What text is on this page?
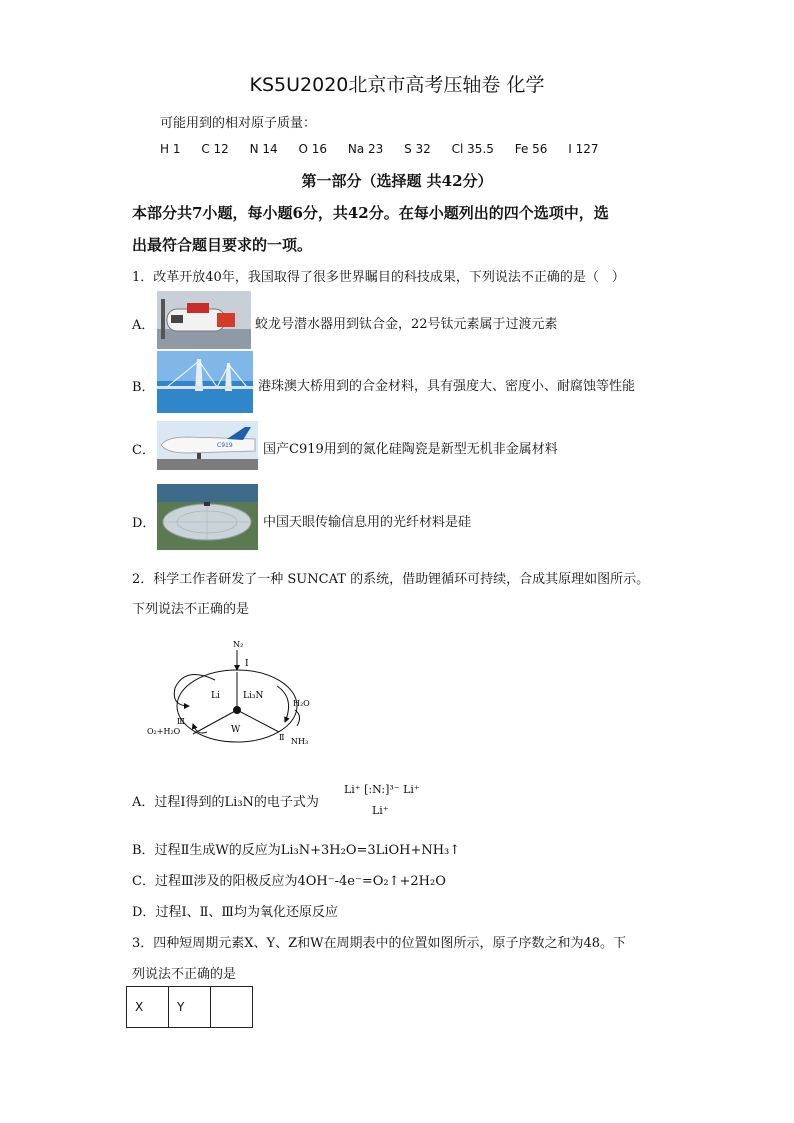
KS5U2020北京市高考压轴卷 化学
可能用到的相对原子质量：
H 1 C 12 N 14 O 16 Na 23 S 32 Cl 35.5 Fe 56 I 127
第一部分（选择题 共42分）
本部分共7小题，每小题6分，共42分。在每小题列出的四个选项中，选
出最符合题目要求的一项。
1．改革开放40年，我国取得了很多世界瞩目的科技成果，下列说法不正确的是（　）
A．	蛟龙号潜水器用到钛合金，22号钛元素属于过渡元素
B．	港珠澳大桥用到的合金材料，具有强度大、密度小、耐腐蚀等性能
C．	C919 国产C919用到的氮化硅陶瓷是新型无机非金属材料
D．	中国天眼传输信息用的光纤材料是硅
2．科学工作者研发了一种 SUNCAT 的系统，借助锂循环可持续，合成其原理如图所示。
下列说法不正确的是
N₂
I
Li	Li₃N
H₂O
Ⅲ
O₂+H₂O	W
Ⅱ NH₃
A．过程Ⅰ得到的Li₃N的电子式为
Li⁺ [:N:]³⁻ Li⁺
Li⁺
B．过程Ⅱ生成W的反应为Li₃N+3H₂O=3LiOH+NH₃↑
C．过程Ⅲ涉及的阳极反应为4OH⁻-4e⁻=O₂↑+2H₂O
D．过程Ⅰ、Ⅱ、Ⅲ均为氧化还原反应
3．四种短周期元素X、Y、Z和W在周期表中的位置如图所示，原子序数之和为48。下
列说法不正确的是
X	Y	
